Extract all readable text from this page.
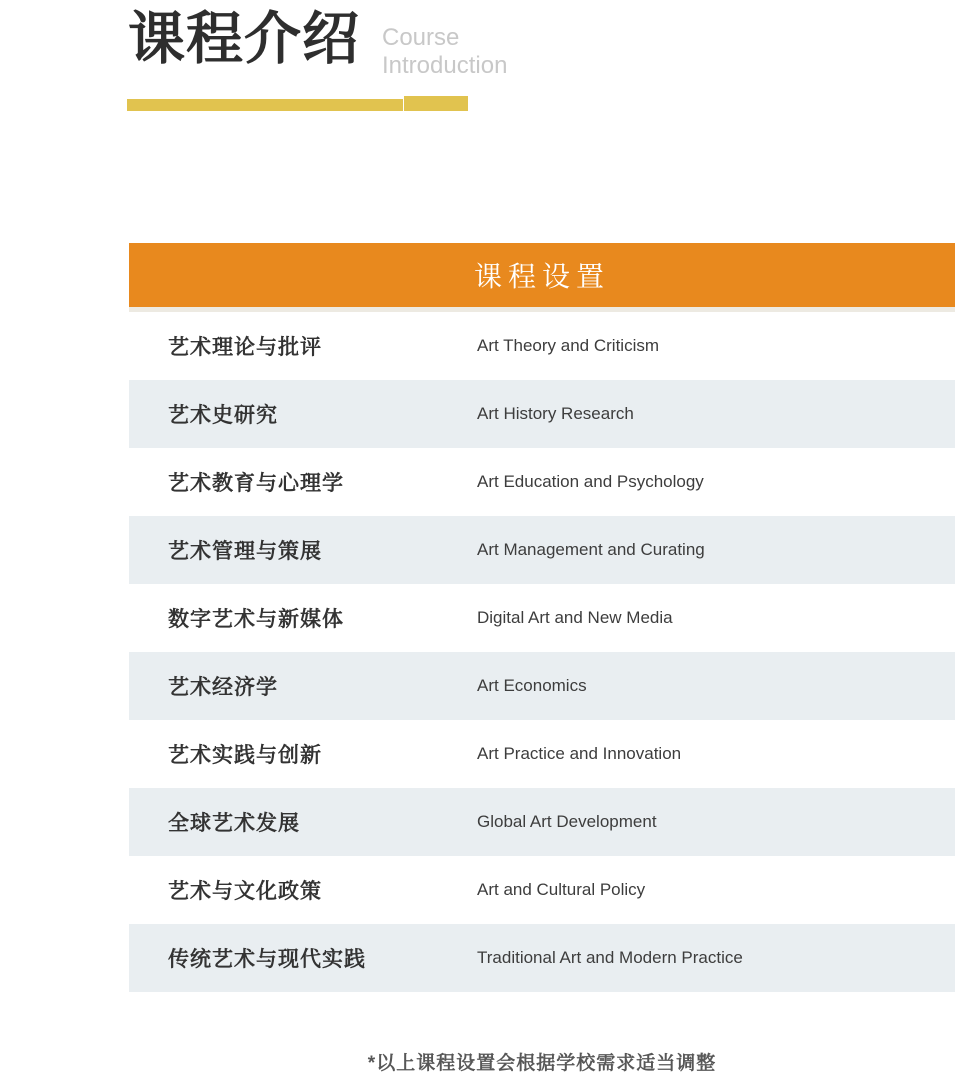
课程介绍 Course
Introduction
课程设置
艺术理论与批评	Art Theory and Criticism
艺术史研究	Art History Research
艺术教育与心理学	Art Education and Psychology
艺术管理与策展	Art Management and Curating
数字艺术与新媒体	Digital Art and New Media
艺术经济学	Art Economics
艺术实践与创新	Art Practice and Innovation
全球艺术发展	Global Art Development
艺术与文化政策	Art and Cultural Policy
传统艺术与现代实践	Traditional Art and Modern Practice
*以上课程设置会根据学校需求适当调整
